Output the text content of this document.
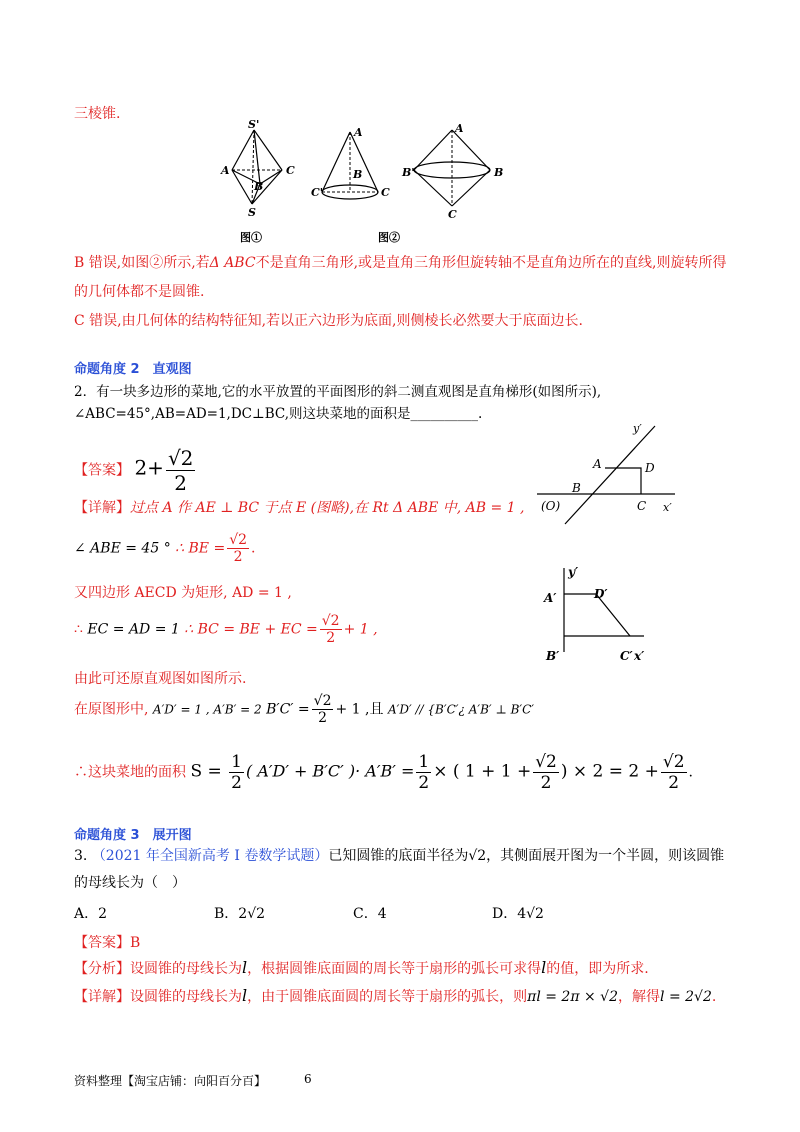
三棱锥.
S'
A	C
B
S
图①
A
B
C'	C
A
B'	B
C
图②
B 错误,如图②所示,若Δ ABC不是直角三角形,或是直角三角形但旋转轴不是直角边所在的直线,则旋转所得
的几何体都不是圆锥.
C 错误,由几何体的结构特征知,若以正六边形为底面,则侧棱长必然要大于底面边长.
命题角度 2　直观图
2．有一块多边形的菜地,它的水平放置的平面图形的斜二测直观图是直角梯形(如图所示),
∠ABC=45°,AB=AD=1,DC⊥BC,则这块菜地的面积是__________.
【答案】 $2+ \frac{√2}{2}$
【详解】过点 A 作 AE ⊥ BC 于点 E (图略),在 Rt Δ ABE 中, AB = 1 ,
∠ ABE = 45 ° ∴ BE = $\frac{√2}{2}$ .
又四边形 AECD 为矩形, AD = 1 ,
∴ EC = AD = 1 ∴ BC = BE + EC = $\frac{√2}{2} + 1$ ,
由此可还原直观图如图所示.
在原图形中, A′D′ = 1 , A′B′ = 2 $B'C' = \frac{√2}{2} + 1$ ,且 A′D′ // {B′C′¿ A′B′ ⊥ B′C′
∴这块菜地的面积 $S = \frac{1}{2}$ ( A′D′ + B′C′ )· $A'B' = \frac{1}{2}$ × ( $1 + 1 + \frac{√2}{2}$ ) × $2 = 2 + \frac{√2}{2}$ .
y′
x′
A	D
B
C
(O)
y′
x′
A′	D′
B′	C′
命题角度 3　展开图
3. （2021 年全国新高考 I 卷数学试题）已知圆锥的底面半径为√2，其侧面展开图为一个半圆，则该圆锥
的母线长为（　）
A．2	B．2√2	C．4	D．4√2
【答案】B
【分析】设圆锥的母线长为l，根据圆锥底面圆的周长等于扇形的弧长可求得l的值，即为所求.
【详解】设圆锥的母线长为l，由于圆锥底面圆的周长等于扇形的弧长，则πl = 2π × √2，解得l = 2√2.
资料整理【淘宝店铺：向阳百分百】	6
